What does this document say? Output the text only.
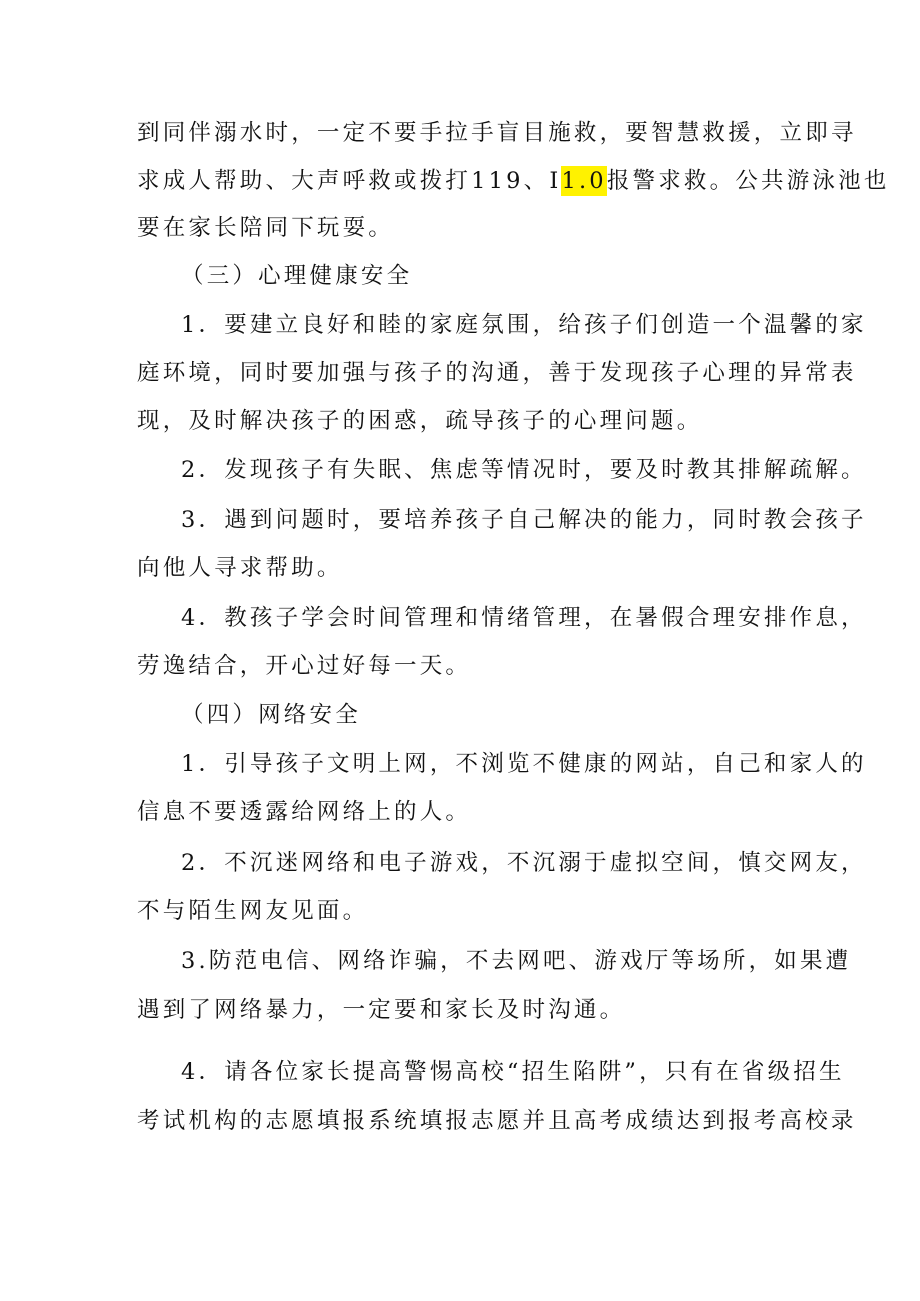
到同伴溺水时，一定不要手拉手盲目施救，要智慧救援，立即寻
求成人帮助、大声呼救或拨打119、I1.0报警求救。公共游泳池也
要在家长陪同下玩耍。
（三）心理健康安全
1．要建立良好和睦的家庭氛围，给孩子们创造一个温馨的家
庭环境，同时要加强与孩子的沟通，善于发现孩子心理的异常表
现，及时解决孩子的困惑，疏导孩子的心理问题。
2．发现孩子有失眠、焦虑等情况时，要及时教其排解疏解。
3．遇到问题时，要培养孩子自己解决的能力，同时教会孩子
向他人寻求帮助。
4．教孩子学会时间管理和情绪管理，在暑假合理安排作息，
劳逸结合，开心过好每一天。
（四）网络安全
1．引导孩子文明上网，不浏览不健康的网站，自己和家人的
信息不要透露给网络上的人。
2．不沉迷网络和电子游戏，不沉溺于虚拟空间，慎交网友，
不与陌生网友见面。
3.防范电信、网络诈骗，不去网吧、游戏厅等场所，如果遭
遇到了网络暴力，一定要和家长及时沟通。
4．请各位家长提高警惕高校“招生陷阱”，只有在省级招生
考试机构的志愿填报系统填报志愿并且高考成绩达到报考高校录
